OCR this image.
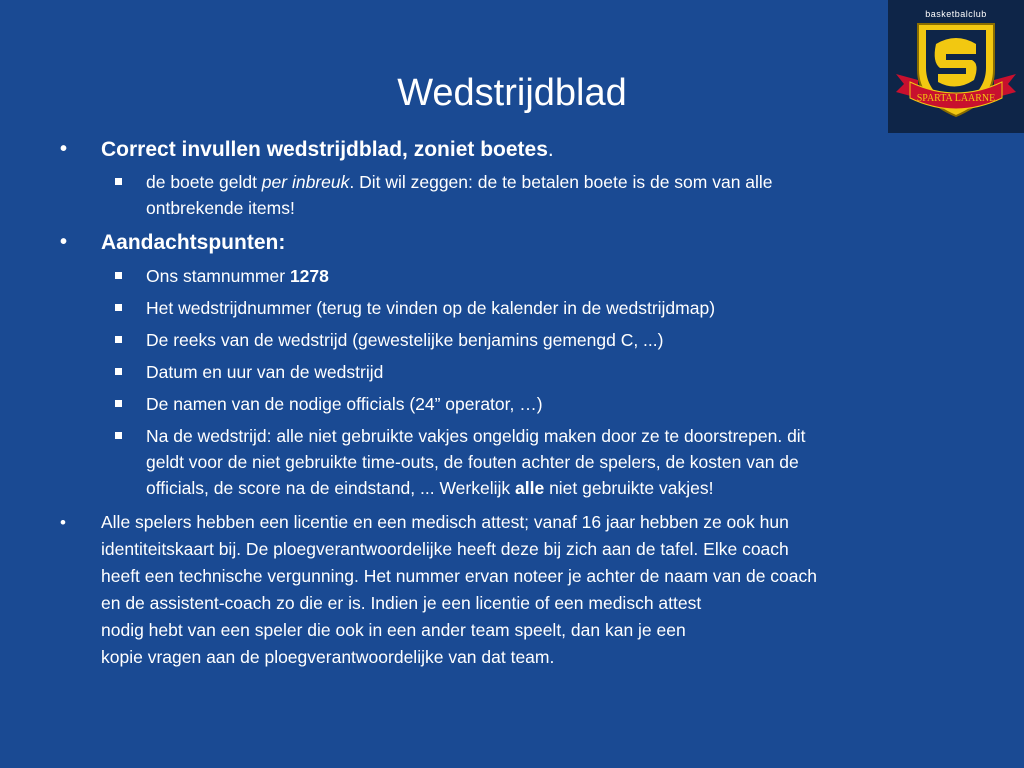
basketbalclub
SPARTA LAARNE
Wedstrijdblad
•	Correct invullen wedstrijdblad, zoniet boetes.
de boete geldt per inbreuk. Dit wil zeggen: de te betalen boete is de som van alle
ontbrekende items!
•	Aandachtspunten:
Ons stamnummer 1278
Het wedstrijdnummer (terug te vinden op de kalender in de wedstrijdmap)
De reeks van de wedstrijd (gewestelijke benjamins gemengd C, ...)
Datum en uur van de wedstrijd
De namen van de nodige officials (24” operator, …)
Na de wedstrijd: alle niet gebruikte vakjes ongeldig maken door ze te doorstrepen. dit
geldt voor de niet gebruikte time-outs, de fouten achter de spelers, de kosten van de
officials, de score na de eindstand, ... Werkelijk alle niet gebruikte vakjes!
•	Alle spelers hebben een licentie en een medisch attest; vanaf 16 jaar hebben ze ook hun
identiteitskaart bij. De ploegverantwoordelijke heeft deze bij zich aan de tafel. Elke coach
heeft een technische vergunning. Het nummer ervan noteer je achter de naam van de coach
en de assistent-coach zo die er is. Indien je een licentie of een medisch attest
nodig hebt van een speler die ook in een ander team speelt, dan kan je een
kopie vragen aan de ploegverantwoordelijke van dat team.
